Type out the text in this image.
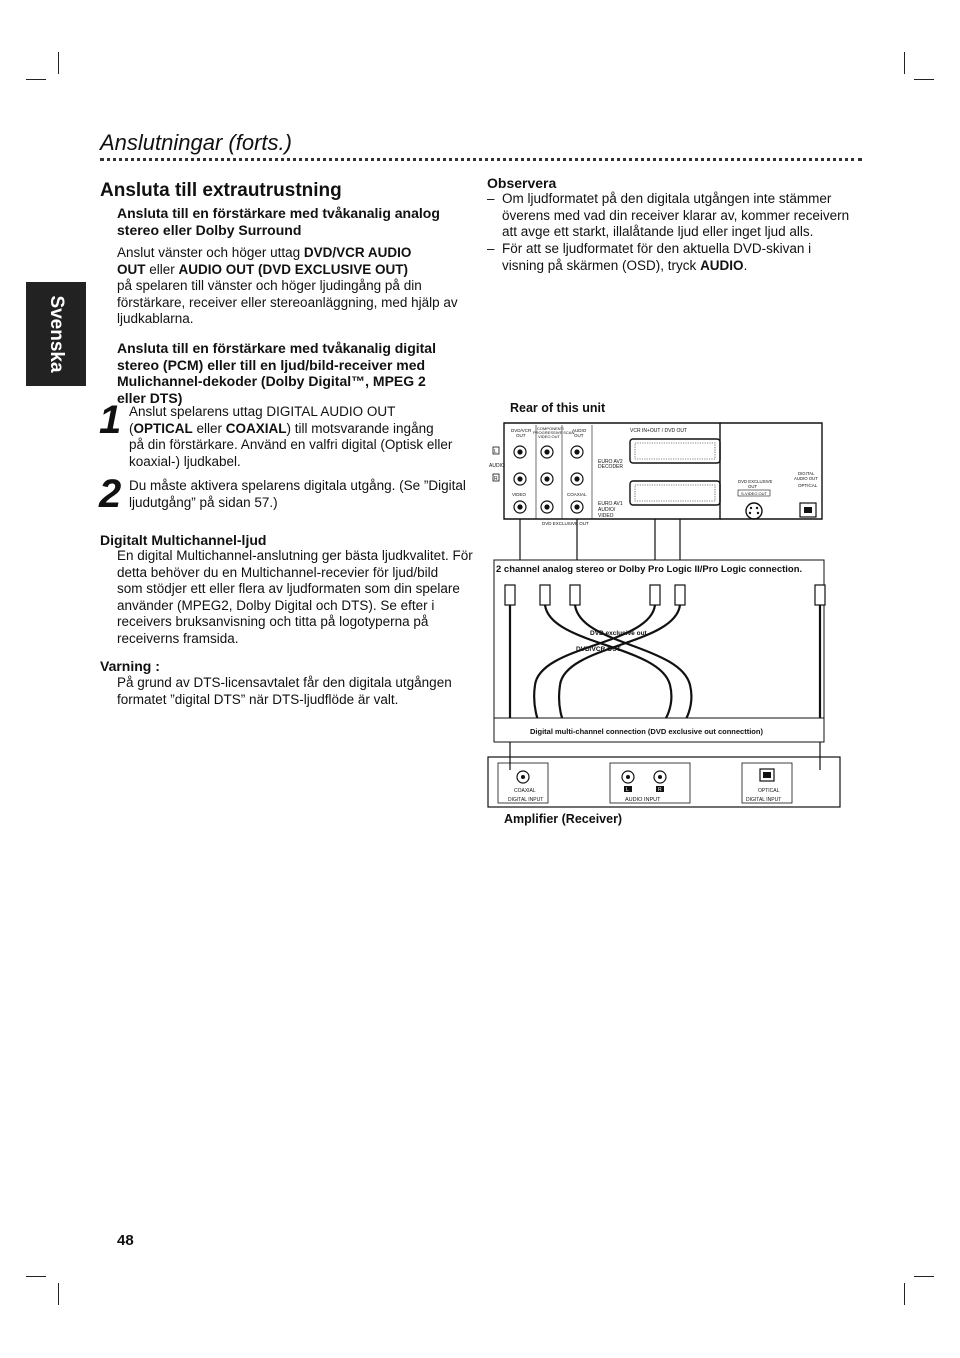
Anslutningar (forts.)
Svenska
Ansluta till extrautrustning
Ansluta till en förstärkare med tvåkanalig analog
stereo eller Dolby Surround
Anslut vänster och höger uttag DVD/VCR AUDIO
OUT eller AUDIO OUT (DVD EXCLUSIVE OUT)
på spelaren till vänster och höger ljudingång på din
förstärkare, receiver eller stereoanläggning, med hjälp av
ljudkablarna.
Ansluta till en förstärkare med tvåkanalig digital
stereo (PCM) eller till en ljud/bild-receiver med
Mulichannel-dekoder (Dolby Digital™, MPEG 2
eller DTS)
1 Anslut spelarens uttag DIGITAL AUDIO OUT
(OPTICAL eller COAXIAL) till motsvarande ingång
på din förstärkare. Använd en valfri digital (Optisk eller
koaxial-) ljudkabel.
2 Du måste aktivera spelarens digitala utgång. (Se ”Digital
ljudutgång” på sidan 57.)
Digitalt Multichannel-ljud
En digital Multichannel-anslutning ger bästa ljudkvalitet. För
detta behöver du en Multichannel-recevier för ljud/bild
som stödjer ett eller flera av ljudformaten som din spelare
använder (MPEG2, Dolby Digital och DTS). Se efter i
receivers bruksanvisning och titta på logotyperna på
receiverns framsida.
Varning :
På grund av DTS-licensavtalet får den digitala utgången
formatet ”digital DTS” när DTS-ljudflöde är valt.
Observera
– Om ljudformatet på den digitala utgången inte stämmer
överens med vad din receiver klarar av, kommer receivern
att avge ett starkt, illalåtande ljud eller inget ljud alls.
– För att se ljudformatet för den aktuella DVD-skivan i
visning på skärmen (OSD), tryck AUDIO.
Rear of this unit
DVD/VCR
OUT
COMPONENT/
PROGRESSIVE SCAN
VIDEO OUT
AUDIO
OUT
L
AUDIO
R
VIDEO	COAXIAL
DVD EXCLUSIVE OUT
VCR IN+OUT / DVD OUT
EURO AV2
DECODER
EURO AV1
AUDIO/
VIDEO
DVD EXCLUSIVE
OUT
S-VIDEO OUT
DIGITAL
AUDIO OUT
OPTICAL
2 channel analog stereo or Dolby Pro Logic II/Pro Logic connection.
DVD exclusive out
DVD/VCR OUT
Digital multi-channel connection (DVD exclusive out connecttion)
COAXIAL
DIGITAL INPUT
L	R
AUDIO INPUT
OPTICAL
DIGITAL INPUT
Amplifier (Receiver)
48
